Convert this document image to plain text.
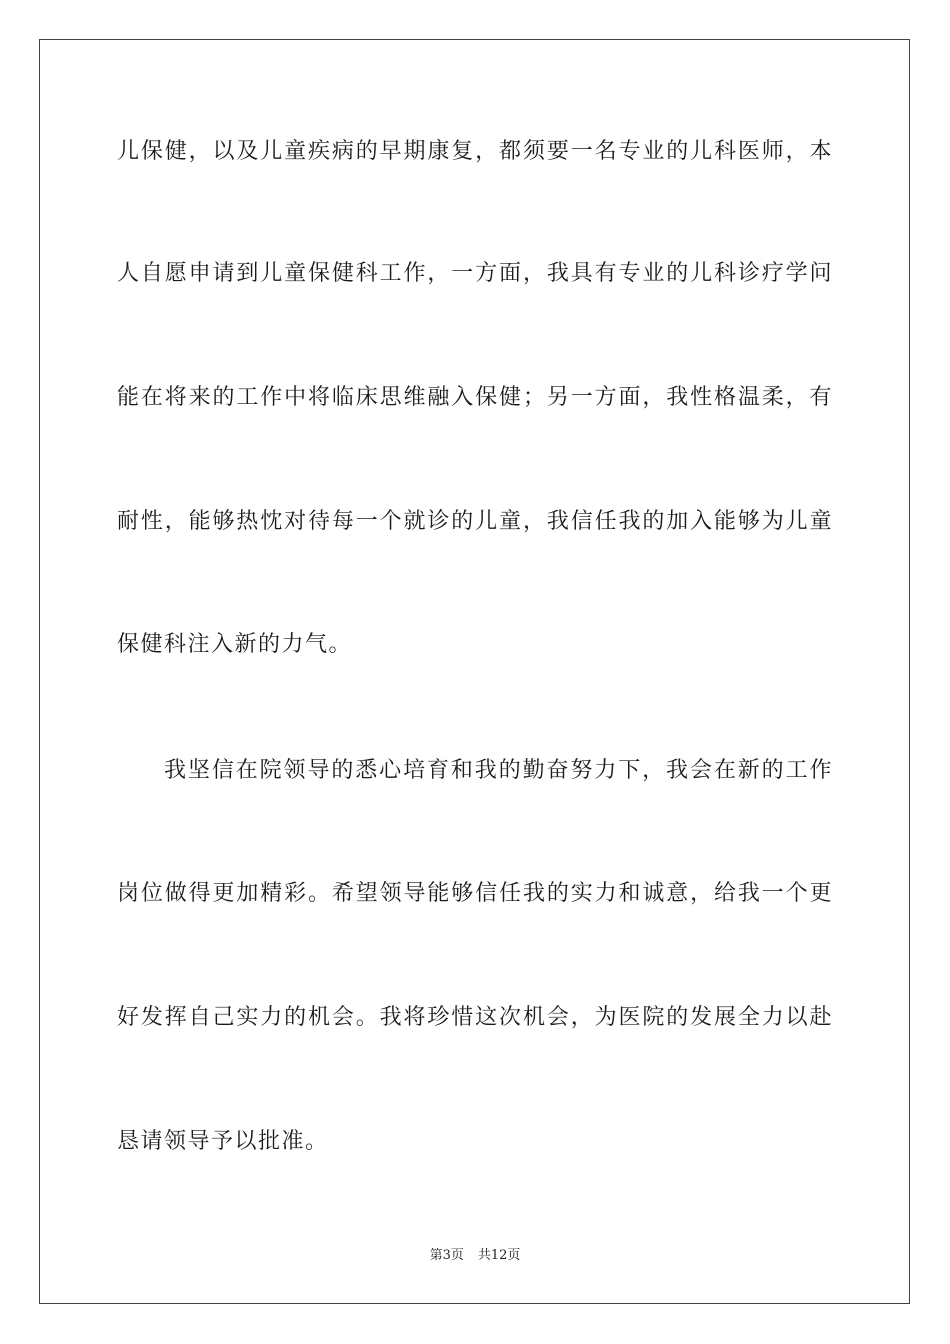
儿保健，以及儿童疾病的早期康复，都须要一名专业的儿科医师，本
人自愿申请到儿童保健科工作，一方面，我具有专业的儿科诊疗学问
能在将来的工作中将临床思维融入保健；另一方面，我性格温柔，有
耐性，能够热忱对待每一个就诊的儿童，我信任我的加入能够为儿童
保健科注入新的力气。
我坚信在院领导的悉心培育和我的勤奋努力下，我会在新的工作
岗位做得更加精彩。希望领导能够信任我的实力和诚意，给我一个更
好发挥自己实力的机会。我将珍惜这次机会，为医院的发展全力以赴
恳请领导予以批准。
第3页 共12页
